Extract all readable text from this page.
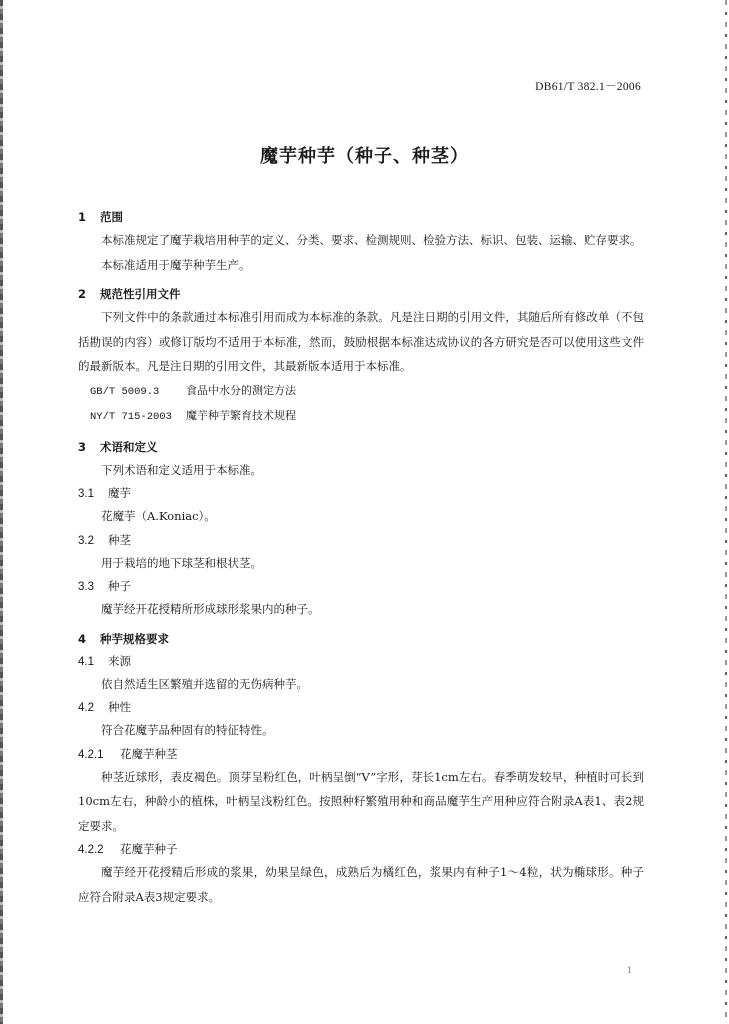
DB61/T 382.1－2006
魔芋种芋（种子、种茎）
1 范围

本标准规定了魔芋栽培用种芋的定义、分类、要求、检测规则、检验方法、标识、包装、运输、贮存要求。

本标准适用于魔芋种芋生产。

2 规范性引用文件

下列文件中的条款通过本标准引用而成为本标准的条款。凡是注日期的引用文件，其随后所有修改单（不包括勘误的内容）或修订版均不适用于本标准，然而，鼓励根据本标准达成协议的各方研究是否可以使用这些文件的最新版本。凡是注日期的引用文件，其最新版本适用于本标准。

GB/T 5009.3 食品中水分的测定方法
NY/T 715-2003 魔芋种芋繁育技术规程
3 术语和定义

下列术语和定义适用于本标准。

3.1 魔芋

花魔芋（A.Koniac）。

3.2 种茎

用于栽培的地下球茎和根状茎。

3.3 种子

魔芋经开花授精所形成球形浆果内的种子。

4 种芋规格要求
4.1 来源

依自然适生区繁殖并选留的无伤病种芋。

4.2 种性

符合花魔芋品种固有的特征特性。

4.2.1 花魔芋种茎

种茎近球形，表皮褐色。顶芽呈粉红色，叶柄呈倒“V”字形，芽长1cm左右。春季萌发较早，种植时可长到10cm左右，种龄小的植株，叶柄呈浅粉红色。按照种籽繁殖用种和商品魔芋生产用种应符合附录A表1、表2规定要求。

4.2.2 花魔芋种子

魔芋经开花授精后形成的浆果，幼果呈绿色，成熟后为橘红色，浆果内有种子1～4粒，状为椭球形。种子应符合附录A表3规定要求。

1
